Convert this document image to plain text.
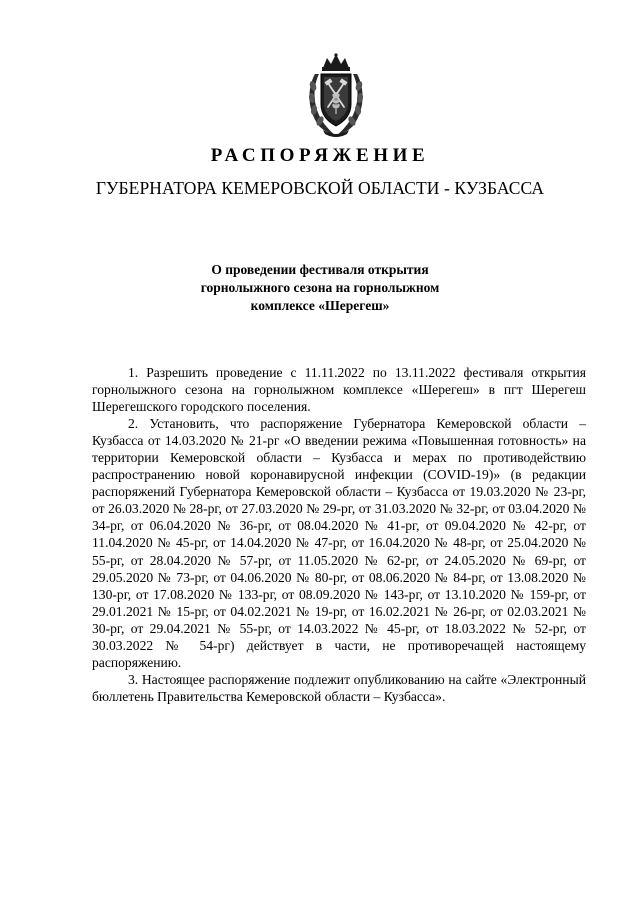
РАСПОРЯЖЕНИЕ
ГУБЕРНАТОРА КЕМЕРОВСКОЙ ОБЛАСТИ - КУЗБАССА
О проведении фестиваля открытия
горнолыжного сезона на горнолыжном
комплексе «Шерегеш»

1. Разрешить проведение с 11.11.2022 по 13.11.2022 фестиваля открытия горнолыжного сезона на горнолыжном комплексе «Шерегеш» в пгт Шерегеш Шерегешского городского поселения.

2. Установить, что распоряжение Губернатора Кемеровской области – Кузбасса от 14.03.2020 № 21-рг «О введении режима «Повышенная готовность» на территории Кемеровской области – Кузбасса и мерах по противодействию распространению новой коронавирусной инфекции (COVID-19)» (в редакции распоряжений Губернатора Кемеровской области – Кузбасса от 19.03.2020 № 23-рг, от 26.03.2020 № 28-рг, от 27.03.2020 № 29-рг, от 31.03.2020 № 32-рг, от 03.04.2020 № 34-рг, от 06.04.2020 № 36-рг, от 08.04.2020 № 41-рг, от 09.04.2020 № 42-рг, от 11.04.2020 № 45-рг, от 14.04.2020 № 47-рг, от 16.04.2020 № 48-рг, от 25.04.2020 № 55-рг, от 28.04.2020 № 57-рг, от 11.05.2020 № 62-рг, от 24.05.2020 № 69-рг, от 29.05.2020 № 73-рг, от 04.06.2020 № 80-рг, от 08.06.2020 № 84-рг, от 13.08.2020 № 130-рг, от 17.08.2020 № 133-рг, от 08.09.2020 № 143-рг, от 13.10.2020 № 159-рг, от 29.01.2021 № 15-рг, от 04.02.2021 № 19-рг, от 16.02.2021 № 26-рг, от 02.03.2021 № 30-рг, от 29.04.2021 № 55-рг, от 14.03.2022 № 45-рг, от 18.03.2022 № 52-рг, от 30.03.2022 № 54-рг) действует в части, не противоречащей настоящему распоряжению.

3. Настоящее распоряжение подлежит опубликованию на сайте «Электронный бюллетень Правительства Кемеровской области – Кузбасса».
